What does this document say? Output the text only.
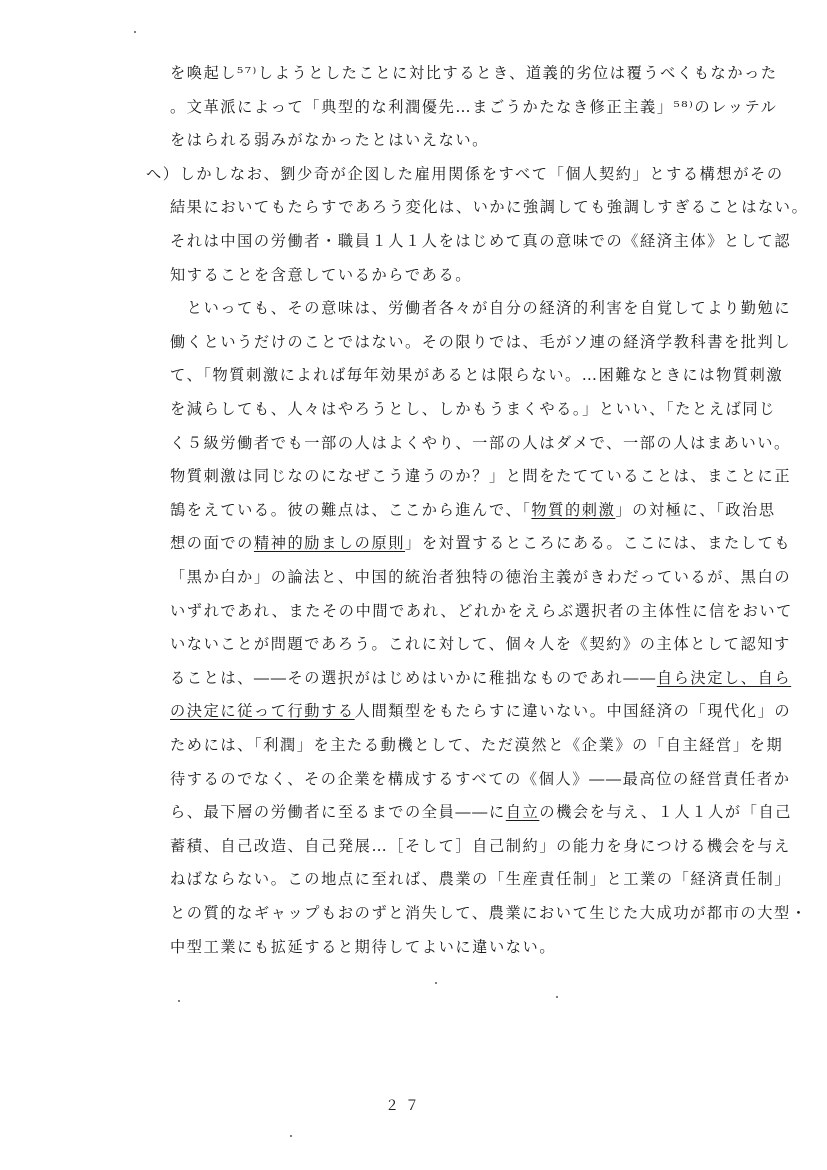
を喚起し⁵⁷⁾しようとしたことに対比するとき、道義的劣位は覆うべくもなかった
。文革派によって「典型的な利潤優先…まごうかたなき修正主義」⁵⁸⁾のレッテル
をはられる弱みがなかったとはいえない。
へ）しかしなお、劉少奇が企図した雇用関係をすべて「個人契約」とする構想がその
結果においてもたらすであろう変化は、いかに強調しても強調しすぎることはない。
それは中国の労働者・職員１人１人をはじめて真の意味での《経済主体》として認
知することを含意しているからである。
　といっても、その意味は、労働者各々が自分の経済的利害を自覚してより勤勉に
働くというだけのことではない。その限りでは、毛がソ連の経済学教科書を批判し
て、「物質刺激によれば毎年効果があるとは限らない。…困難なときには物質刺激
を減らしても、人々はやろうとし、しかもうまくやる。」といい、「たとえば同じ
く５級労働者でも一部の人はよくやり、一部の人はダメで、一部の人はまあいい。
物質刺激は同じなのになぜこう違うのか？」と問をたてていることは、まことに正
鵠をえている。彼の難点は、ここから進んで、「物質的刺激」の対極に、「政治思
想の面での精神的励ましの原則」を対置するところにある。ここには、またしても
「黒か白か」の論法と、中国的統治者独特の徳治主義がきわだっているが、黒白の
いずれであれ、またその中間であれ、どれかをえらぶ選択者の主体性に信をおいて
いないことが問題であろう。これに対して、個々人を《契約》の主体として認知す
ることは、――その選択がはじめはいかに稚拙なものであれ――自ら決定し、自ら
の決定に従って行動する人間類型をもたらすに違いない。中国経済の「現代化」の
ためには、「利潤」を主たる動機として、ただ漠然と《企業》の「自主経営」を期
待するのでなく、その企業を構成するすべての《個人》――最高位の経営責任者か
ら、最下層の労働者に至るまでの全員――に自立の機会を与え、１人１人が「自己
蓄積、自己改造、自己発展…［そして］自己制約」の能力を身につける機会を与え
ねばならない。この地点に至れば、農業の「生産責任制」と工業の「経済責任制」
との質的なギャップもおのずと消失して、農業において生じた大成功が都市の大型・
中型工業にも拡延すると期待してよいに違いない。
２７
